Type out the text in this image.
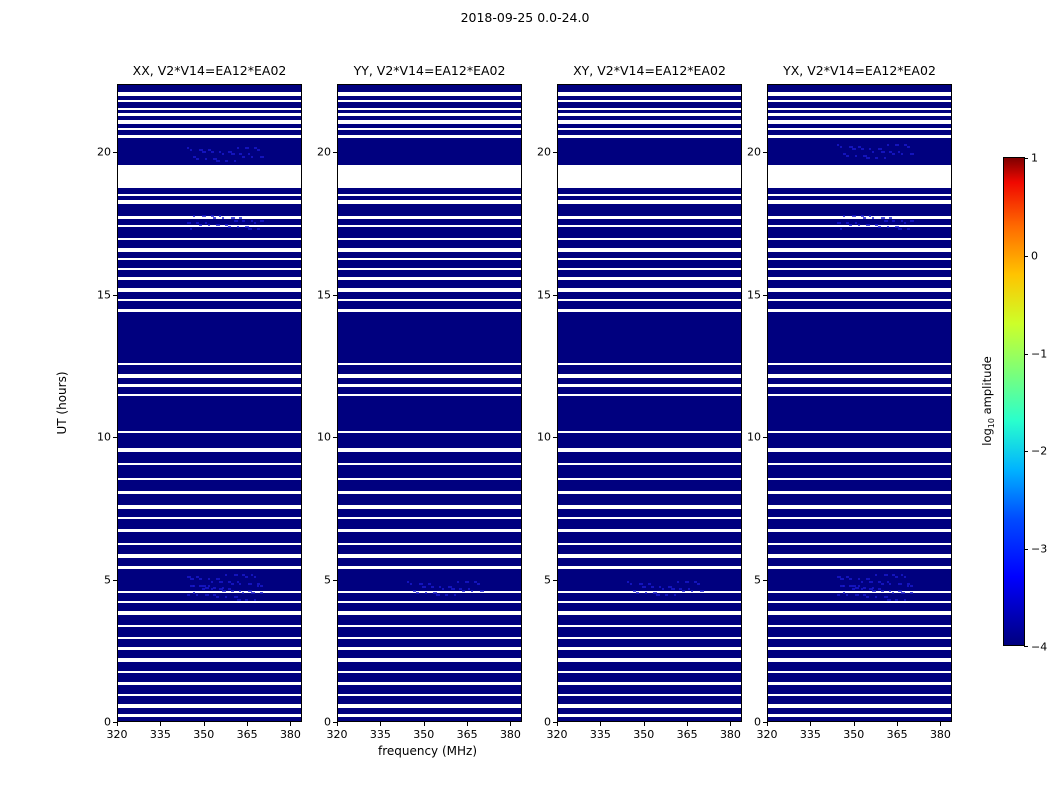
2018-09-25 0.0-24.0
UT (hours)
frequency (MHz)
XX, V2*V14=EA12*EA02
0
5
10
15
20
320 335 350 365 380
YY, V2*V14=EA12*EA02
0
5
10
15
20
320 335 350 365 380
XY, V2*V14=EA12*EA02
0
5
10
15
20
320 335 350 365 380
YX, V2*V14=EA12*EA02
0
5
10
15
20
320 335 350 365 380
1
0
−1
−2
−3
−4
$\log_{10}$ amplitude
